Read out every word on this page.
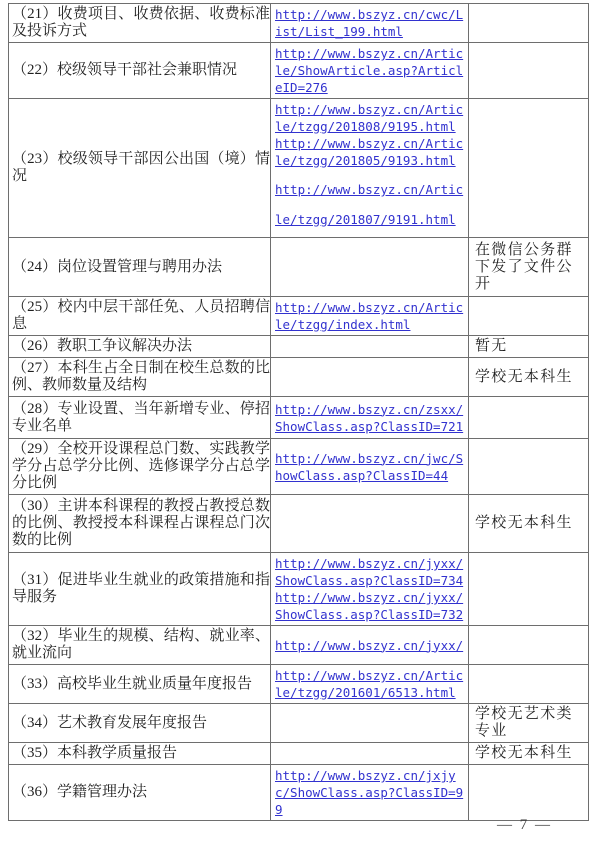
（21）收费项目、收费依据、收费标准及投诉方式	http://www.bszyz.cn/cwc/List/List_199.html	

（22）校级领导干部社会兼职情况	http://www.bszyz.cn/Article/ShowArticle.asp?ArticleID=276	

（23）校级领导干部因公出国（境）情况	http://www.bszyz.cn/Article/tzgg/201808/9195.html
http://www.bszyz.cn/Article/tzgg/201805/9193.html
http://www.bszyz.cn/Article/tzgg/201807/9191.html	

（24）岗位设置管理与聘用办法		在微信公务群下发了文件公开

（25）校内中层干部任免、人员招聘信息	http://www.bszyz.cn/Article/tzgg/index.html	

（26）教职工争议解决办法		暂无

（27）本科生占全日制在校生总数的比例、教师数量及结构		学校无本科生

（28）专业设置、当年新增专业、停招专业名单	http://www.bszyz.cn/zsxx/ShowClass.asp?ClassID=721	

（29）全校开设课程总门数、实践教学学分占总学分比例、选修课学分占总学分比例	http://www.bszyz.cn/jwc/ShowClass.asp?ClassID=44	

（30）主讲本科课程的教授占教授总数的比例、教授授本科课程占课程总门次数的比例		学校无本科生

（31）促进毕业生就业的政策措施和指导服务	http://www.bszyz.cn/jyxx/ShowClass.asp?ClassID=734
http://www.bszyz.cn/jyxx/ShowClass.asp?ClassID=732	

（32）毕业生的规模、结构、就业率、就业流向	http://www.bszyz.cn/jyxx/	

（33）高校毕业生就业质量年度报告	http://www.bszyz.cn/Article/tzgg/201601/6513.html	

（34）艺术教育发展年度报告		学校无艺术类专业

（35）本科教学质量报告		学校无本科生

（36）学籍管理办法	http://www.bszyz.cn/jxjyc/ShowClass.asp?ClassID=99	

— 7 —
